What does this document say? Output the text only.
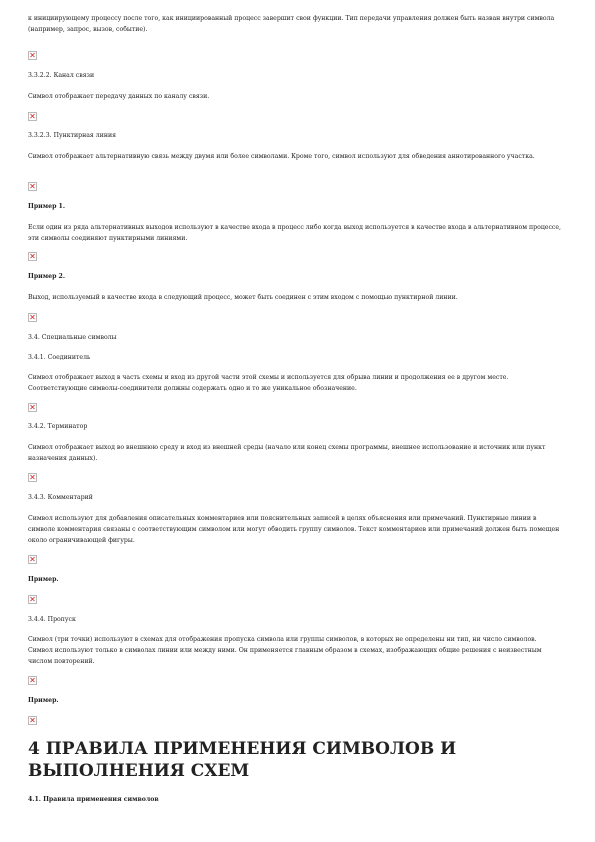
к инициирующему процессу после того, как инициированный процесс завершит свои функции. Тип передачи управления должен быть назван внутри символа (например, запрос, вызов, событие).

✕

3.3.2.2. Канал связи

Символ отображает передачу данных по каналу связи.

✕

3.3.2.3. Пунктирная линия

Символ отображает альтернативную связь между двумя или более символами. Кроме того, символ используют для обведения аннотированного участка.

✕

Пример 1.

Если один из ряда альтернативных выходов используют в качестве входа в процесс либо когда выход используется в качестве входа в альтернативном процессе, эти символы соединяют пунктирными линиями.

✕

Пример 2.

Выход, используемый в качестве входа в следующий процесс, может быть соединен с этим входом с помощью пунктирной линии.

✕

3.4. Специальные символы

3.4.1. Соединитель

Символ отображает выход в часть схемы и вход из другой части этой схемы и используется для обрыва линии и продолжения ее в другом месте. Соответствующие символы-соединители должны содержать одно и то же уникальное обозначение.

✕

3.4.2. Терминатор

Символ отображает выход во внешнюю среду и вход из внешней среды (начало или конец схемы программы, внешнее использование и источник или пункт назначения данных).

✕

3.4.3. Комментарий

Символ используют для добавления описательных комментариев или пояснительных записей в целях объяснения или примечаний. Пунктирные линии в символе комментария связаны с соответствующим символом или могут обводить группу символов. Текст комментариев или примечаний должен быть помещен около ограничивающей фигуры.

✕

Пример.

✕

3.4.4. Пропуск

Символ (три точки) используют в схемах для отображения пропуска символа или группы символов, в которых не определены ни тип, ни число символов. Символ используют только в символах линии или между ними. Он применяется главным образом в схемах, изображающих общие решения с неизвестным числом повторений.

✕

Пример.

✕
4 ПРАВИЛА ПРИМЕНЕНИЯ СИМВОЛОВ И ВЫПОЛНЕНИЯ СХЕМ

4.1. Правила применения символов
